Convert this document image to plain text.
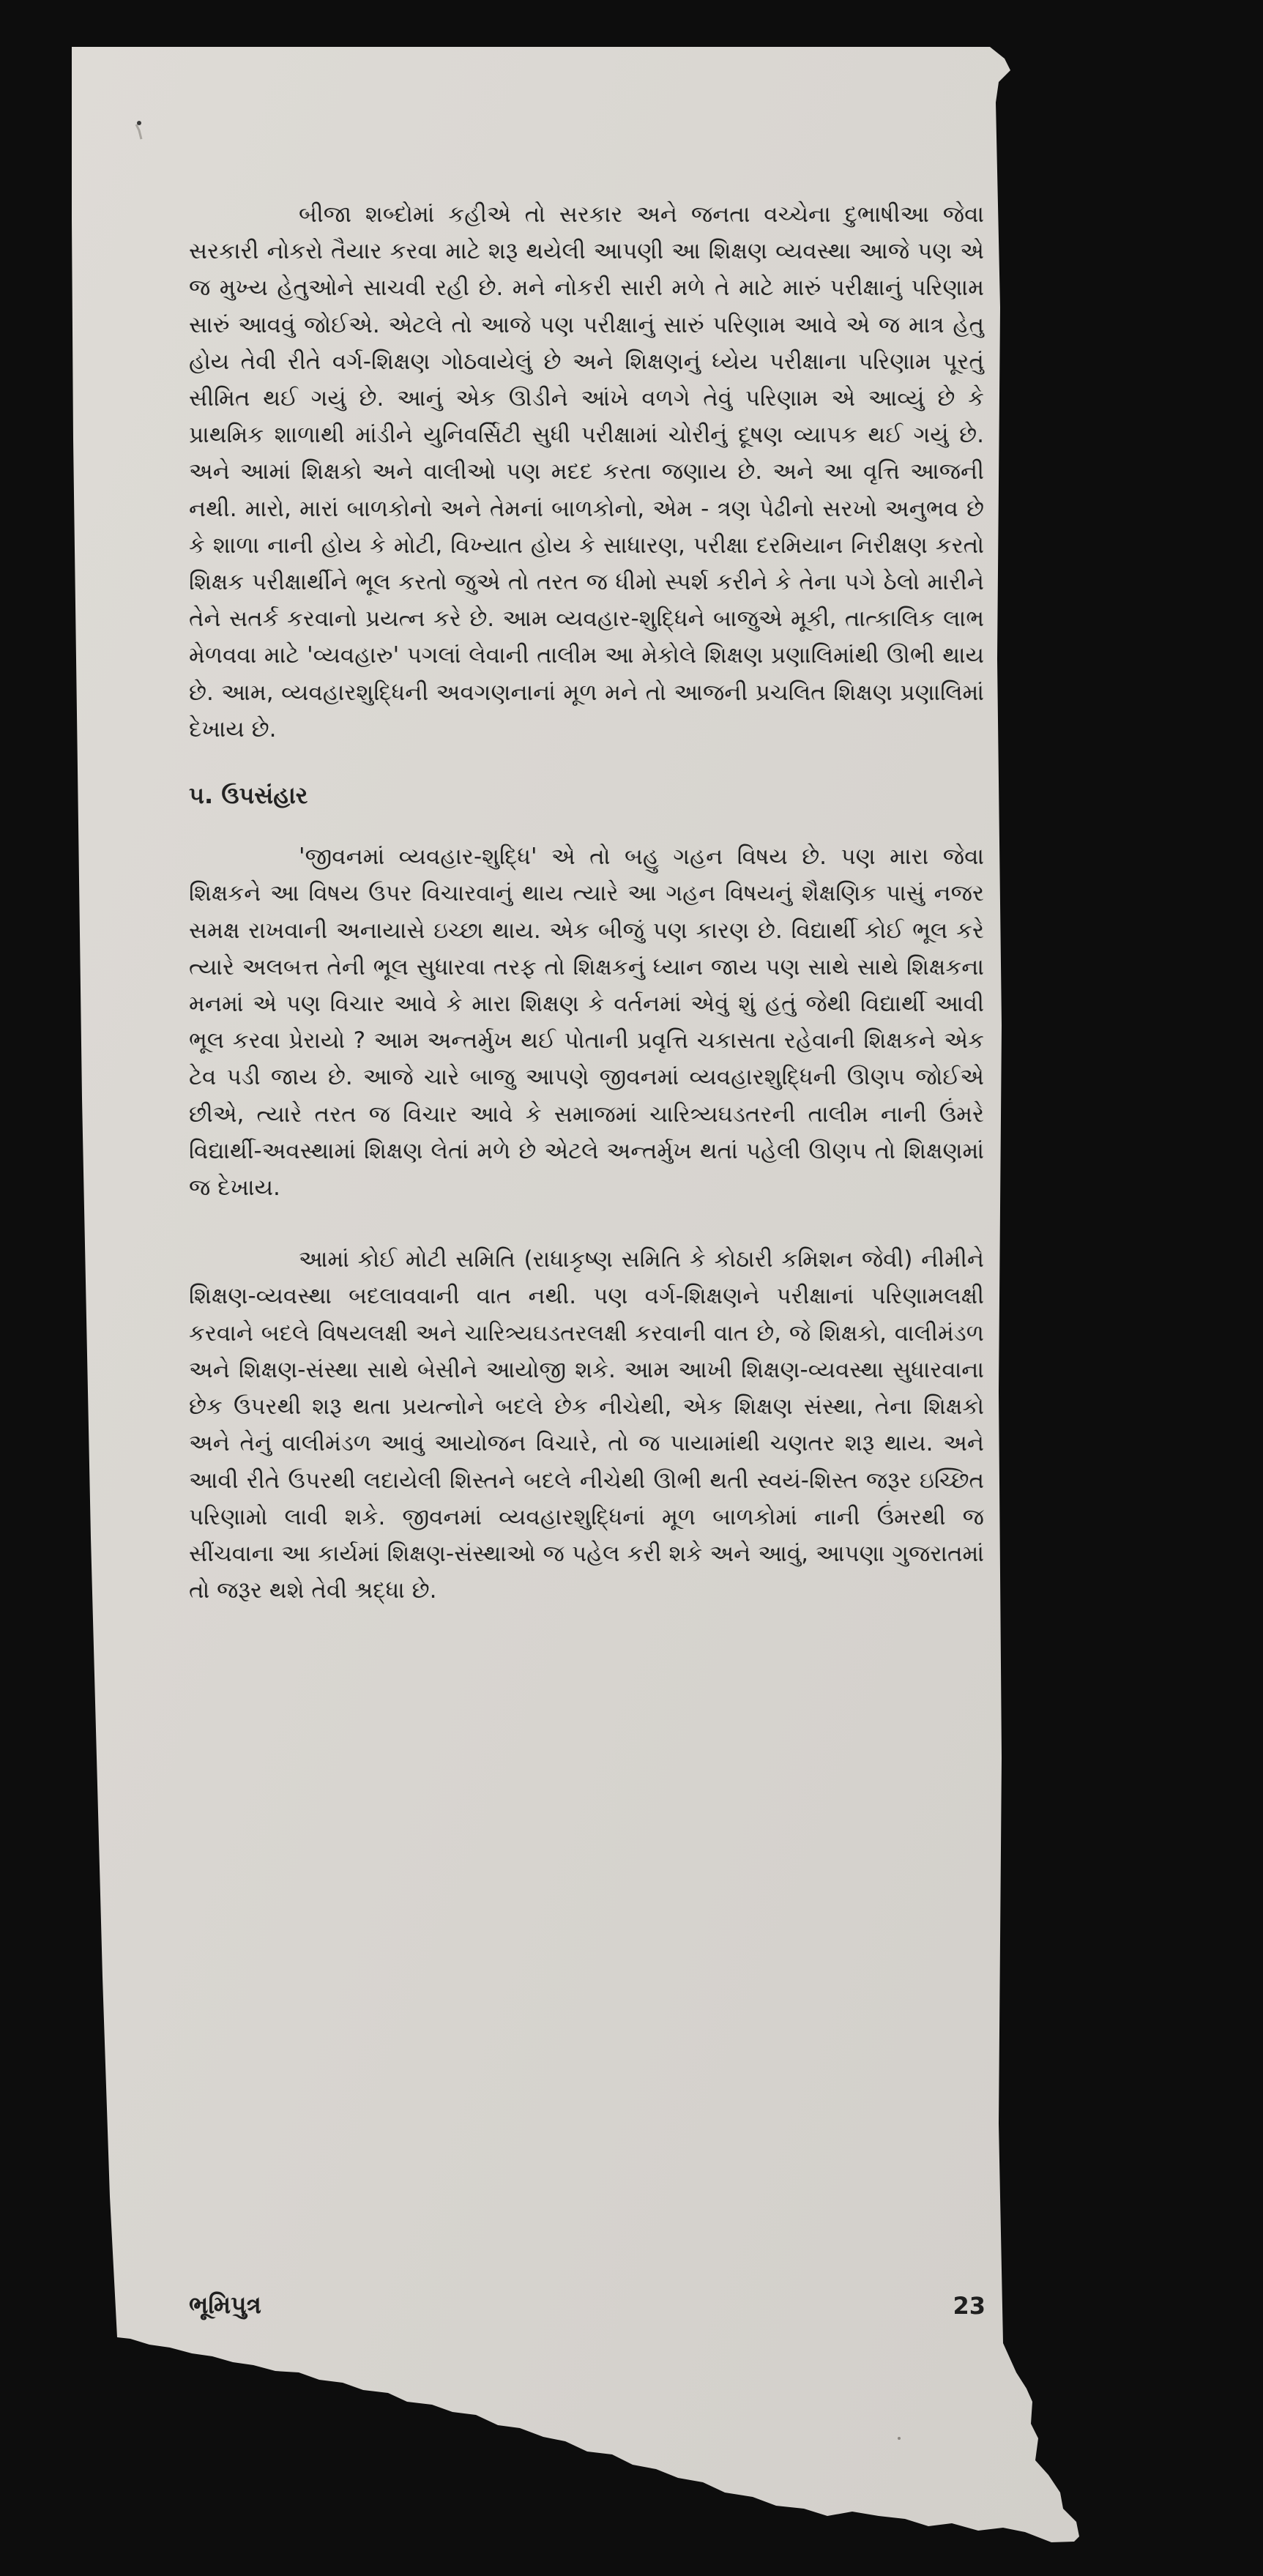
બીજા શબ્દોમાં કહીએ તો સરકાર અને જનતા વચ્ચેના દુભાષીઆ જેવા સરકારી નોકરો તૈયાર કરવા માટે શરૂ થયેલી આપણી આ શિક્ષણ વ્યવસ્થા આજે પણ એ જ મુખ્ય હેતુઓને સાચવી રહી છે. મને નોકરી સારી મળે તે માટે મારું પરીક્ષાનું પરિણામ સારું આવવું જોઈએ. એટલે તો આજે પણ પરીક્ષાનું સારું પરિણામ આવે એ જ માત્ર હેતુ હોય તેવી રીતે વર્ગ-શિક્ષણ ગોઠવાયેલું છે અને શિક્ષણનું ધ્યેય પરીક્ષાના પરિણામ પૂરતું સીમિત થઈ ગયું છે. આનું એક ઊડીને આંખે વળગે તેવું પરિણામ એ આવ્યું છે કે પ્રાથમિક શાળાથી માંડીને યુનિવર્સિટી સુધી પરીક્ષામાં ચોરીનું દૂષણ વ્યાપક થઈ ગયું છે. અને આમાં શિક્ષકો અને વાલીઓ પણ મદદ કરતા જણાય છે. અને આ વૃત્તિ આજની નથી. મારો, મારાં બાળકોનો અને તેમનાં બાળકોનો, એમ - ત્રણ પેઢીનો સરખો અનુભવ છે કે શાળા નાની હોય કે મોટી, વિખ્યાત હોય કે સાધારણ, પરીક્ષા દરમિયાન નિરીક્ષણ કરતો શિક્ષક પરીક્ષાર્થીને ભૂલ કરતો જુએ તો તરત જ ધીમો સ્પર્શ કરીને કે તેના પગે ઠેલો મારીને તેને સતર્ક કરવાનો પ્રયત્ન કરે છે. આમ વ્યવહાર-શુદ્ધિને બાજુએ મૂકી, તાત્કાલિક લાભ મેળવવા માટે 'વ્યવહારુ' પગલાં લેવાની તાલીમ આ મેકોલે શિક્ષણ પ્રણાલિમાંથી ઊભી થાય છે. આમ, વ્યવહારશુદ્ધિની અવગણનાનાં મૂળ મને તો આજની પ્રચલિત શિક્ષણ પ્રણાલિમાં દેખાય છે.

૫. ઉપસંહાર

'જીવનમાં વ્યવહાર-શુદ્ધિ' એ તો બહુ ગહન વિષય છે. પણ મારા જેવા શિક્ષકને આ વિષય ઉપર વિચારવાનું થાય ત્યારે આ ગહન વિષયનું શૈક્ષણિક પાસું નજર સમક્ષ રાખવાની અનાયાસે ઇચ્છા થાય. એક બીજું પણ કારણ છે. વિદ્યાર્થી કોઈ ભૂલ કરે ત્યારે અલબત્ત તેની ભૂલ સુધારવા તરફ તો શિક્ષકનું ધ્યાન જાય પણ સાથે સાથે શિક્ષકના મનમાં એ પણ વિચાર આવે કે મારા શિક્ષણ કે વર્તનમાં એવું શું હતું જેથી વિદ્યાર્થી આવી ભૂલ કરવા પ્રેરાયો ? આમ અન્તર્મુખ થઈ પોતાની પ્રવૃત્તિ ચકાસતા રહેવાની શિક્ષકને એક ટેવ પડી જાય છે. આજે ચારે બાજુ આપણે જીવનમાં વ્યવહારશુદ્ધિની ઊણપ જોઈએ છીએ, ત્યારે તરત જ વિચાર આવે કે સમાજમાં ચારિત્ર્યઘડતરની તાલીમ નાની ઉંમરે વિદ્યાર્થી-અવસ્થામાં શિક્ષણ લેતાં મળે છે એટલે અન્તર્મુખ થતાં પહેલી ઊણપ તો શિક્ષણમાં જ દેખાય.

આમાં કોઈ મોટી સમિતિ (રાધાકૃષ્ણ સમિતિ કે કોઠારી કમિશન જેવી) નીમીને શિક્ષણ-વ્યવસ્થા બદલાવવાની વાત નથી. પણ વર્ગ-શિક્ષણને પરીક્ષાનાં પરિણામલક્ષી કરવાને બદલે વિષયલક્ષી અને ચારિત્ર્યઘડતરલક્ષી કરવાની વાત છે, જે શિક્ષકો, વાલીમંડળ અને શિક્ષણ-સંસ્થા સાથે બેસીને આયોજી શકે. આમ આખી શિક્ષણ-વ્યવસ્થા સુધારવાના છેક ઉપરથી શરૂ થતા પ્રયત્નોને બદલે છેક નીચેથી, એક શિક્ષણ સંસ્થા, તેના શિક્ષકો અને તેનું વાલીમંડળ આવું આયોજન વિચારે, તો જ પાયામાંથી ચણતર શરૂ થાય. અને આવી રીતે ઉપરથી લદાયેલી શિસ્તને બદલે નીચેથી ઊભી થતી સ્વયં-શિસ્ત જરૂર ઇચ્છિત પરિણામો લાવી શકે. જીવનમાં વ્યવહારશુદ્ધિનાં મૂળ બાળકોમાં નાની ઉંમરથી જ સીંચવાના આ કાર્યમાં શિક્ષણ-સંસ્થાઓ જ પહેલ કરી શકે અને આવું, આપણા ગુજરાતમાં તો જરૂર થશે તેવી શ્રદ્ધા છે.

ભૂમિપુત્ર	23
